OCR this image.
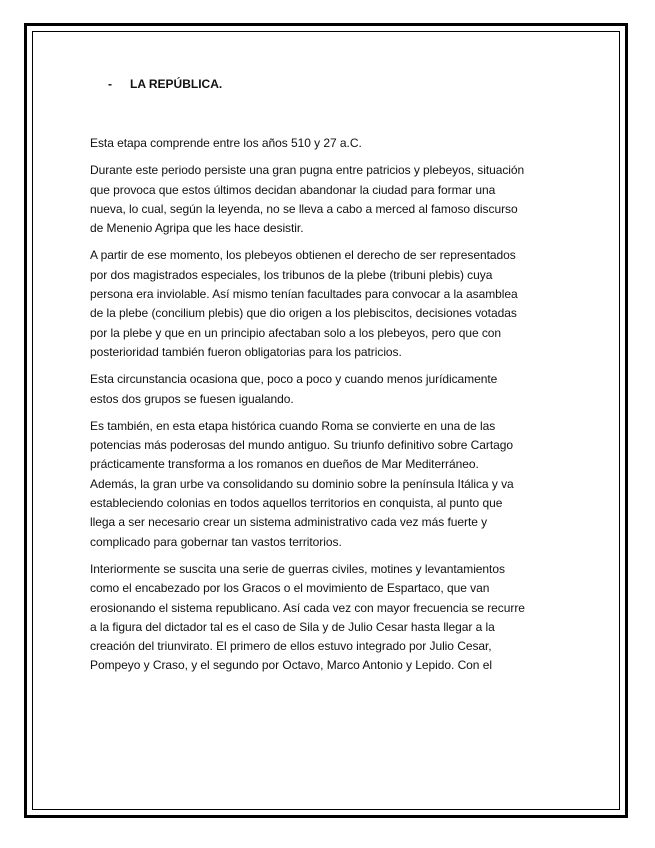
-	LA REPÚBLICA.
Esta etapa comprende entre los años 510 y 27 a.C.
Durante este periodo persiste una gran pugna entre patricios y plebeyos, situación
que provoca que estos últimos decidan abandonar la ciudad para formar una
nueva, lo cual, según la leyenda, no se lleva a cabo a merced al famoso discurso
de Menenio Agripa que les hace desistir.
A partir de ese momento, los plebeyos obtienen el derecho de ser representados
por dos magistrados especiales, los tribunos de la plebe (tribuni plebis) cuya
persona era inviolable. Así mismo tenían facultades para convocar a la asamblea
de la plebe (concilium plebis) que dio origen a los plebiscitos, decisiones votadas
por la plebe y que en un principio afectaban solo a los plebeyos, pero que con
posterioridad también fueron obligatorias para los patricios.
Esta circunstancia ocasiona que, poco a poco y cuando menos jurídicamente
estos dos grupos se fuesen igualando.
Es también, en esta etapa histórica cuando Roma se convierte en una de las
potencias más poderosas del mundo antiguo. Su triunfo definitivo sobre Cartago
prácticamente transforma a los romanos en dueños de Mar Mediterráneo.
Además, la gran urbe va consolidando su dominio sobre la península Itálica y va
estableciendo colonias en todos aquellos territorios en conquista, al punto que
llega a ser necesario crear un sistema administrativo cada vez más fuerte y
complicado para gobernar tan vastos territorios.
Interiormente se suscita una serie de guerras civiles, motines y levantamientos
como el encabezado por los Gracos o el movimiento de Espartaco, que van
erosionando el sistema republicano. Así cada vez con mayor frecuencia se recurre
a la figura del dictador tal es el caso de Sila y de Julio Cesar hasta llegar a la
creación del triunvirato. El primero de ellos estuvo integrado por Julio Cesar,
Pompeyo y Craso, y el segundo por Octavo, Marco Antonio y Lepido. Con el
